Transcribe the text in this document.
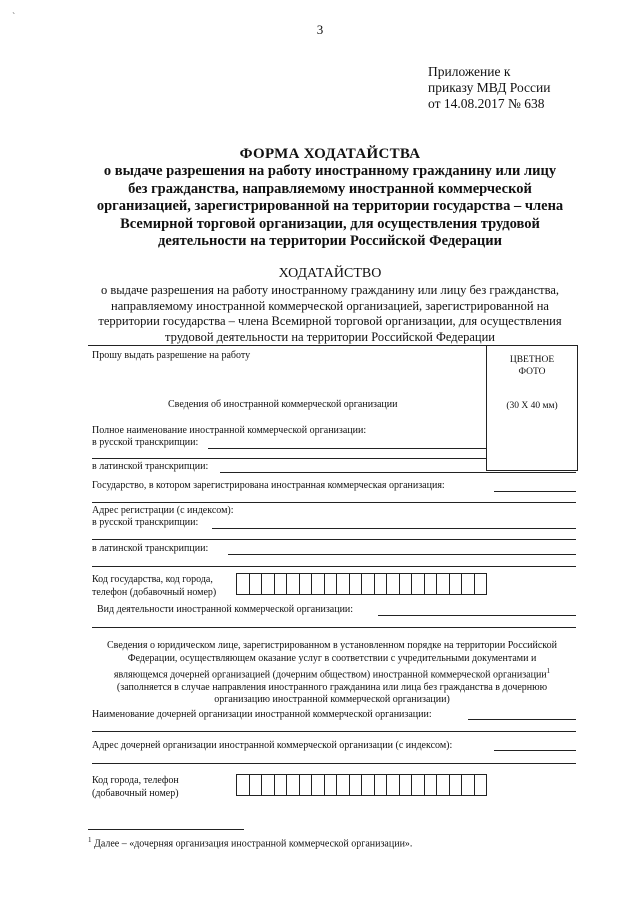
`
3
Приложение к
приказу МВД России
от 14.08.2017 № 638
ФОРМА ХОДАТАЙСТВА
о выдаче разрешения на работу иностранному гражданину или лицу
без гражданства, направляемому иностранной коммерческой
организацией, зарегистрированной на территории государства – члена
Всемирной торговой организации, для осуществления трудовой
деятельности на территории Российской Федерации
ХОДАТАЙСТВО
о выдаче разрешения на работу иностранному гражданину или лицу без гражданства,
направляемому иностранной коммерческой организацией, зарегистрированной на
территории государства – члена Всемирной торговой организации, для осуществления
трудовой деятельности на территории Российской Федерации
Прошу выдать разрешение на работу	ЦВЕТНОЕ
ФОТО
(30 Х 40 мм)
Сведения об иностранной коммерческой организации
Полное наименование иностранной коммерческой организации:
в русской транскрипции:
в латинской транскрипции:
Государство, в котором зарегистрирована иностранная коммерческая организация:
Адрес регистрации (с индексом):
в русской транскрипции:
в латинской транскрипции:
Код государства, код города,
телефон (добавочный номер)
Вид деятельности иностранной коммерческой организации:
Сведения о юридическом лице, зарегистрированном в установленном порядке на территории Российской
Федерации, осуществляющем оказание услуг в соответствии с учредительными документами и
являющемся дочерней организацией (дочерним обществом) иностранной коммерческой организации$^1$
(заполняется в случае направления иностранного гражданина или лица без гражданства в дочернюю
организацию иностранной коммерческой организации)
Наименование дочерней организации иностранной коммерческой организации:
Адрес дочерней организации иностранной коммерческой организации (с индексом):
Код города, телефон
(добавочный номер)
$^1$ Далее – «дочерняя организация иностранной коммерческой организации».
